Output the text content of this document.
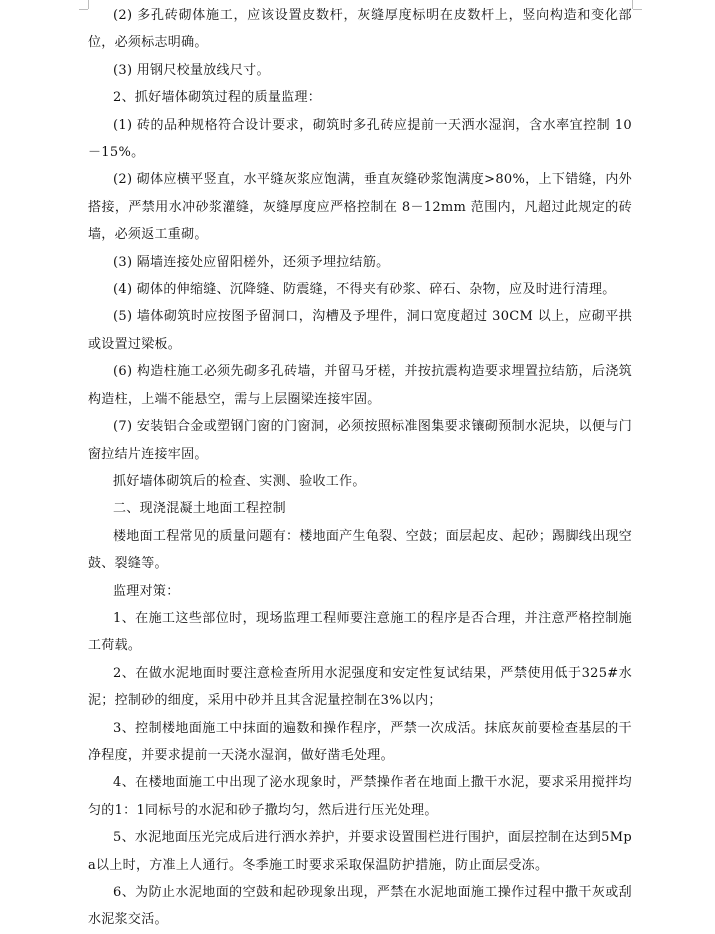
(2) 多孔砖砌体施工，应该设置皮数杆，灰缝厚度标明在皮数杆上，竖向构造和变化部位，必须标志明确。

(3) 用钢尺校量放线尺寸。

2、抓好墙体砌筑过程的质量监理：

(1) 砖的品种规格符合设计要求，砌筑时多孔砖应提前一天洒水湿润，含水率宜控制 10－15%。

(2) 砌体应横平竖直，水平缝灰浆应饱满，垂直灰缝砂浆饱满度>80%，上下错缝，内外搭接，严禁用水冲砂浆灌缝，灰缝厚度应严格控制在 8－12mm 范围内，凡超过此规定的砖墙，必须返工重砌。

(3) 隔墙连接处应留阳槎外，还须予埋拉结筋。

(4) 砌体的伸缩缝、沉降缝、防震缝，不得夹有砂浆、碎石、杂物，应及时进行清理。

(5) 墙体砌筑时应按图予留洞口，沟槽及予埋件，洞口宽度超过 30CM 以上，应砌平拱或设置过梁板。

(6) 构造柱施工必须先砌多孔砖墙，并留马牙槎，并按抗震构造要求埋置拉结筋，后浇筑构造柱，上端不能悬空，需与上层圈梁连接牢固。

(7) 安装铝合金或塑钢门窗的门窗洞，必须按照标准图集要求镶砌预制水泥块，以便与门窗拉结片连接牢固。

抓好墙体砌筑后的检查、实测、验收工作。

二、现浇混凝土地面工程控制

楼地面工程常见的质量问题有：楼地面产生龟裂、空鼓；面层起皮、起砂；踢脚线出现空鼓、裂缝等。

监理对策：

1、在施工这些部位时，现场监理工程师要注意施工的程序是否合理，并注意严格控制施工荷载。

2、在做水泥地面时要注意检查所用水泥强度和安定性复试结果，严禁使用低于325#水泥；控制砂的细度，采用中砂并且其含泥量控制在3%以内；

3、控制楼地面施工中抹面的遍数和操作程序，严禁一次成活。抹底灰前要检查基层的干净程度，并要求提前一天浇水湿润，做好凿毛处理。

4、在楼地面施工中出现了泌水现象时，严禁操作者在地面上撒干水泥，要求采用搅拌均匀的1：1同标号的水泥和砂子撒均匀，然后进行压光处理。

5、水泥地面压光完成后进行洒水养护，并要求设置围栏进行围护，面层控制在达到5Mpa以上时，方准上人通行。冬季施工时要求采取保温防护措施，防止面层受冻。

6、为防止水泥地面的空鼓和起砂现象出现，严禁在水泥地面施工操作过程中撒干灰或刮水泥浆交活。
